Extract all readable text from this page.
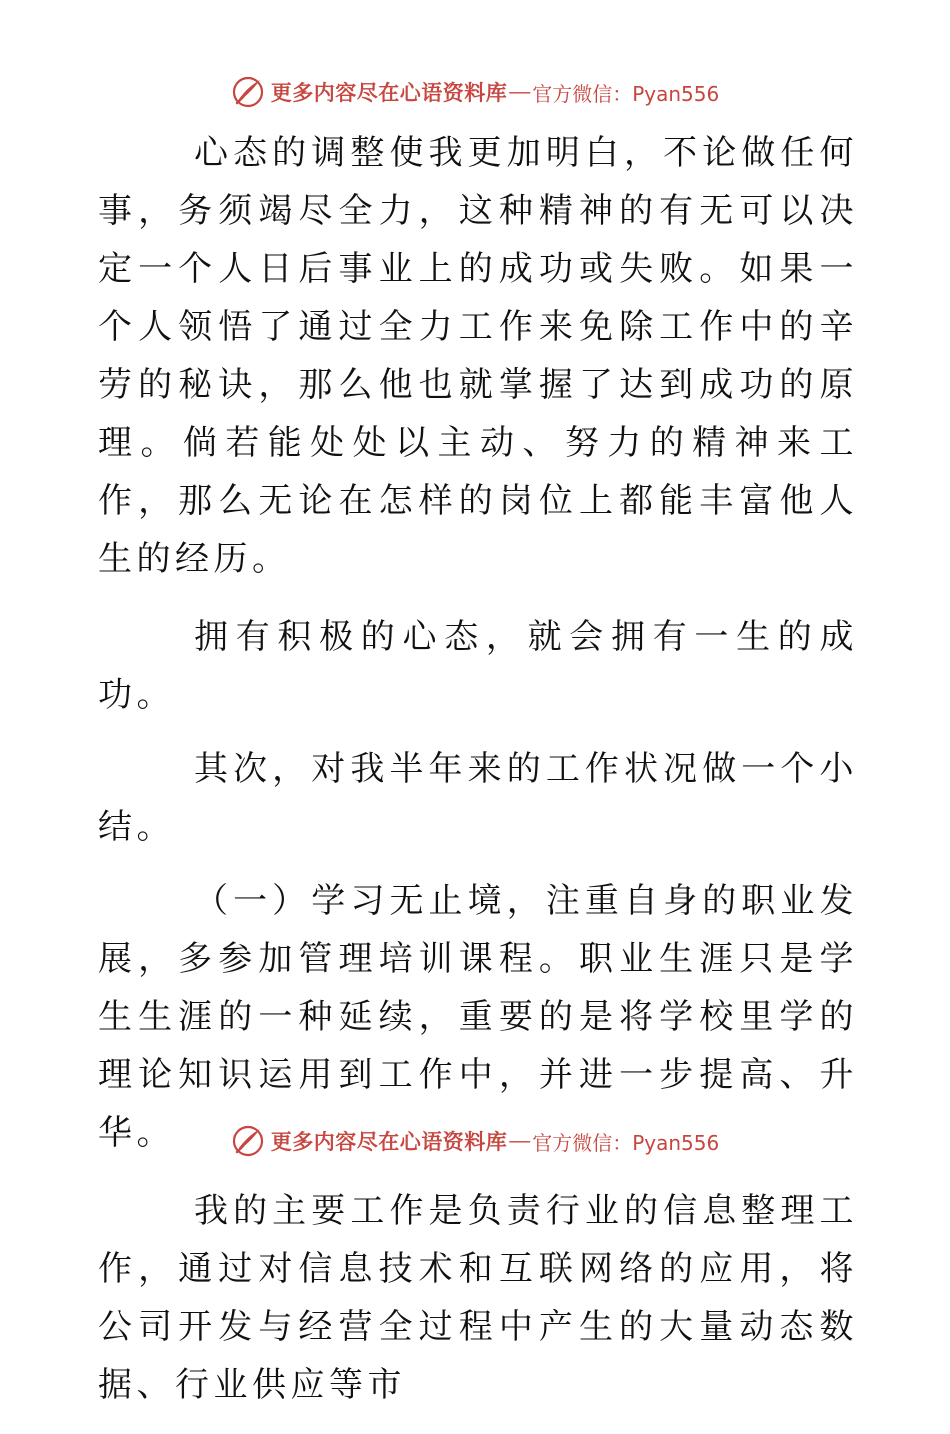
更多内容尽在心语资料库 — 官方微信：Pyan556

心态的调整使我更加明白，不论做任何事，务须竭尽全力，这种精神的有无可以决定一个人日后事业上的成功或失败。如果一个人领悟了通过全力工作来免除工作中的辛劳的秘诀，那么他也就掌握了达到成功的原理。倘若能处处以主动、努力的精神来工作，那么无论在怎样的岗位上都能丰富他人生的经历。

拥有积极的心态，就会拥有一生的成功。

其次，对我半年来的工作状况做一个小结。

（一）学习无止境，注重自身的职业发展，多参加管理培训课程。职业生涯只是学生生涯的一种延续，重要的是将学校里学的理论知识运用到工作中，并进一步提高、升华。

我的主要工作是负责行业的信息整理工作，通过对信息技术和互联网络的应用，将公司开发与经营全过程中产生的大量动态数据、行业供应等市

更多内容尽在心语资料库 — 官方微信：Pyan556
